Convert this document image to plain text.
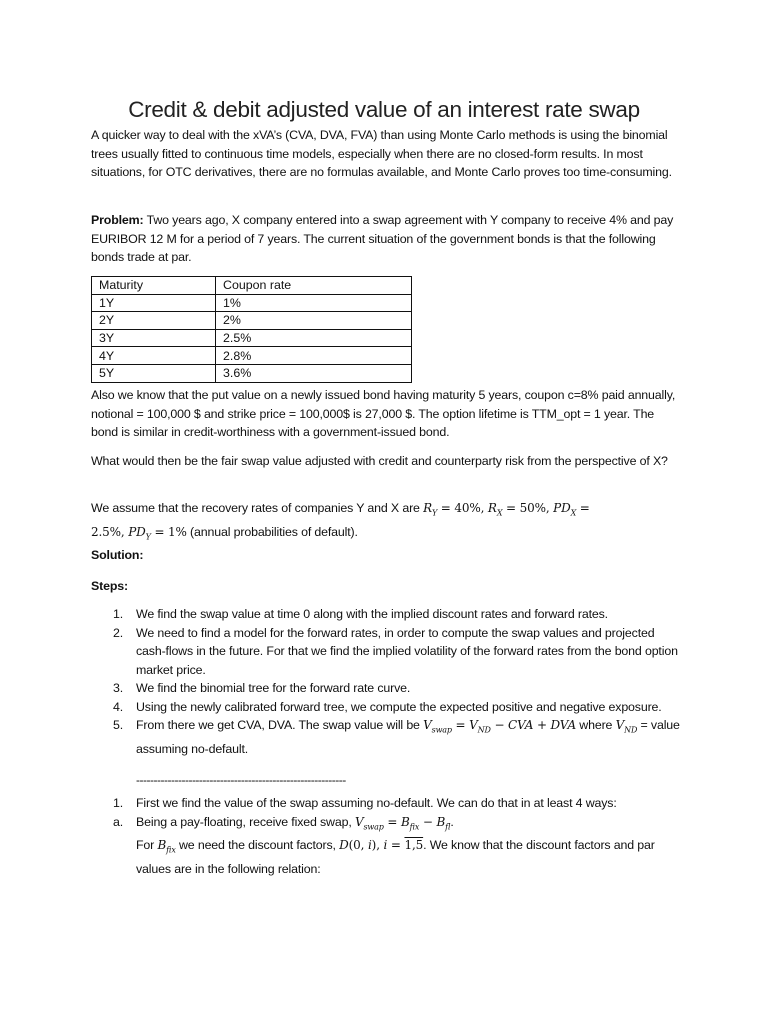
Credit & debit adjusted value of an interest rate swap

A quicker way to deal with the xVA’s (CVA, DVA, FVA) than using Monte Carlo methods is using the binomial trees usually fitted to continuous time models, especially when there are no closed-form results. In most situations, for OTC derivatives, there are no formulas available, and Monte Carlo proves too time-consuming.

Problem: Two years ago, X company entered into a swap agreement with Y company to receive 4% and pay EURIBOR 12 M for a period of 7 years. The current situation of the government bonds is that the following bonds trade at par.

Maturity	Coupon rate
1Y	1%
2Y	2%
3Y	2.5%
4Y	2.8%
5Y	3.6%

Also we know that the put value on a newly issued bond having maturity 5 years, coupon c=8% paid annually, notional = 100,000 $ and strike price = 100,000$ is 27,000 $. The option lifetime is TTM_opt = 1 year. The bond is similar in credit-worthiness with a government-issued bond.

What would then be the fair swap value adjusted with credit and counterparty risk from the perspective of X?

We assume that the recovery rates of companies Y and X are $R_Y = 40\%$, $R_X = 50\%$, $PD_X$ =
2.5%, $PD_Y = 1\%$ (annual probabilities of default).

Solution:

Steps:

1. We find the swap value at time 0 along with the implied discount rates and forward rates.
2. We need to find a model for the forward rates, in order to compute the swap values and projected cash-flows in the future. For that we find the implied volatility of the forward rates from the bond option market price.
3. We find the binomial tree for the forward rate curve.
4. Using the newly calibrated forward tree, we compute the expected positive and negative exposure.
5. From there we get CVA, DVA. The swap value will be $V_{swap} = V_{ND}$ − CVA + DVA where $V_{ND}$ = value assuming no-default.
------------------------------------------------------------
1. First we find the value of the swap assuming no-default. We can do that in at least 4 ways:
a. Being a pay-floating, receive fixed swap, $V_{swap} = B_{fix} - B_{fl}$.
For $B_{fix}$ we need the discount factors, D(0, i), i = 1,5. We know that the discount factors and par values are in the following relation:
